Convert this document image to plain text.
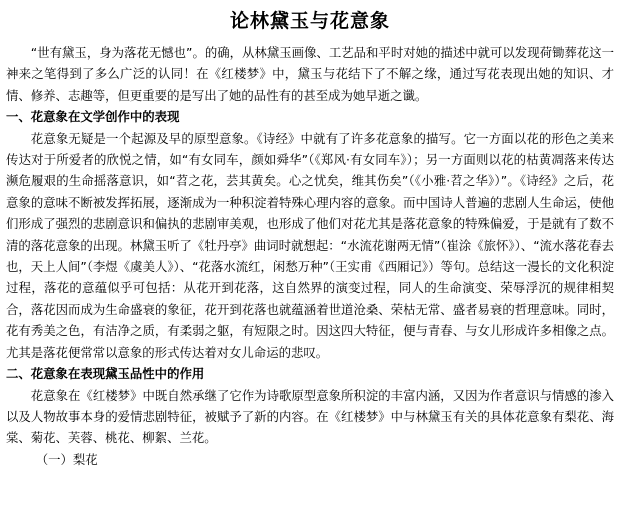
论林黛玉与花意象

“世有黛玉，身为落花无憾也”。的确，从林黛玉画像、工艺品和平时对她的描述中就可以发现荷锄葬花这一神来之笔得到了多么广泛的认同！在《红楼梦》中，黛玉与花结下了不解之缘，通过写花表现出她的知识、才情、修养、志趣等，但更重要的是写出了她的品性有的甚至成为她早逝之谶。

一、花意象在文学创作中的表现

花意象无疑是一个起源及早的原型意象。《诗经》中就有了许多花意象的描写。它一方面以花的形色之美来传达对于所爱者的欣悦之情，如“有女同车，颜如舜华”（《郑风·有女同车》）；另一方面则以花的枯黄凋落来传达濒危履艰的生命摇落意识，如“苕之花，芸其黄矣。心之忧矣，维其伤矣”（《小雅·苕之华》）”。《诗经》之后，花意象的意味不断被发挥拓展，逐渐成为一种积淀着特殊心理内容的意象。而中国诗人普遍的悲剧人生命运，使他们形成了强烈的悲剧意识和偏执的悲剧审美观，也形成了他们对花尤其是落花意象的特殊偏爱，于是就有了数不清的落花意象的出现。林黛玉听了《牡丹亭》曲词时就想起：“水流花谢两无情”（崔涂《旅怀》）、“流水落花春去也，天上人间”（李煜《虞美人》）、“花落水流红，闲愁万种”（王实甫《西厢记》）等句。总结这一漫长的文化积淀过程，落花的意蕴似乎可包括：从花开到花落，这自然界的演变过程，同人的生命演变、荣辱浮沉的规律相契合，落花因而成为生命盛衰的象征，花开到花落也就蕴涵着世道沧桑、荣枯无常、盛者易衰的哲理意味。同时，花有秀美之色，有洁净之质，有柔弱之躯，有短限之时。因这四大特征，便与青春、与女儿形成许多相像之点。尤其是落花便常常以意象的形式传达着对女儿命运的悲叹。

二、花意象在表现黛玉品性中的作用

花意象在《红楼梦》中既自然承继了它作为诗歌原型意象所积淀的丰富内涵，又因为作者意识与情感的渗入以及人物故事本身的爱情悲剧特征，被赋予了新的内容。在《红楼梦》中与林黛玉有关的具体花意象有梨花、海棠、菊花、芙蓉、桃花、柳絮、兰花。

（一）梨花
